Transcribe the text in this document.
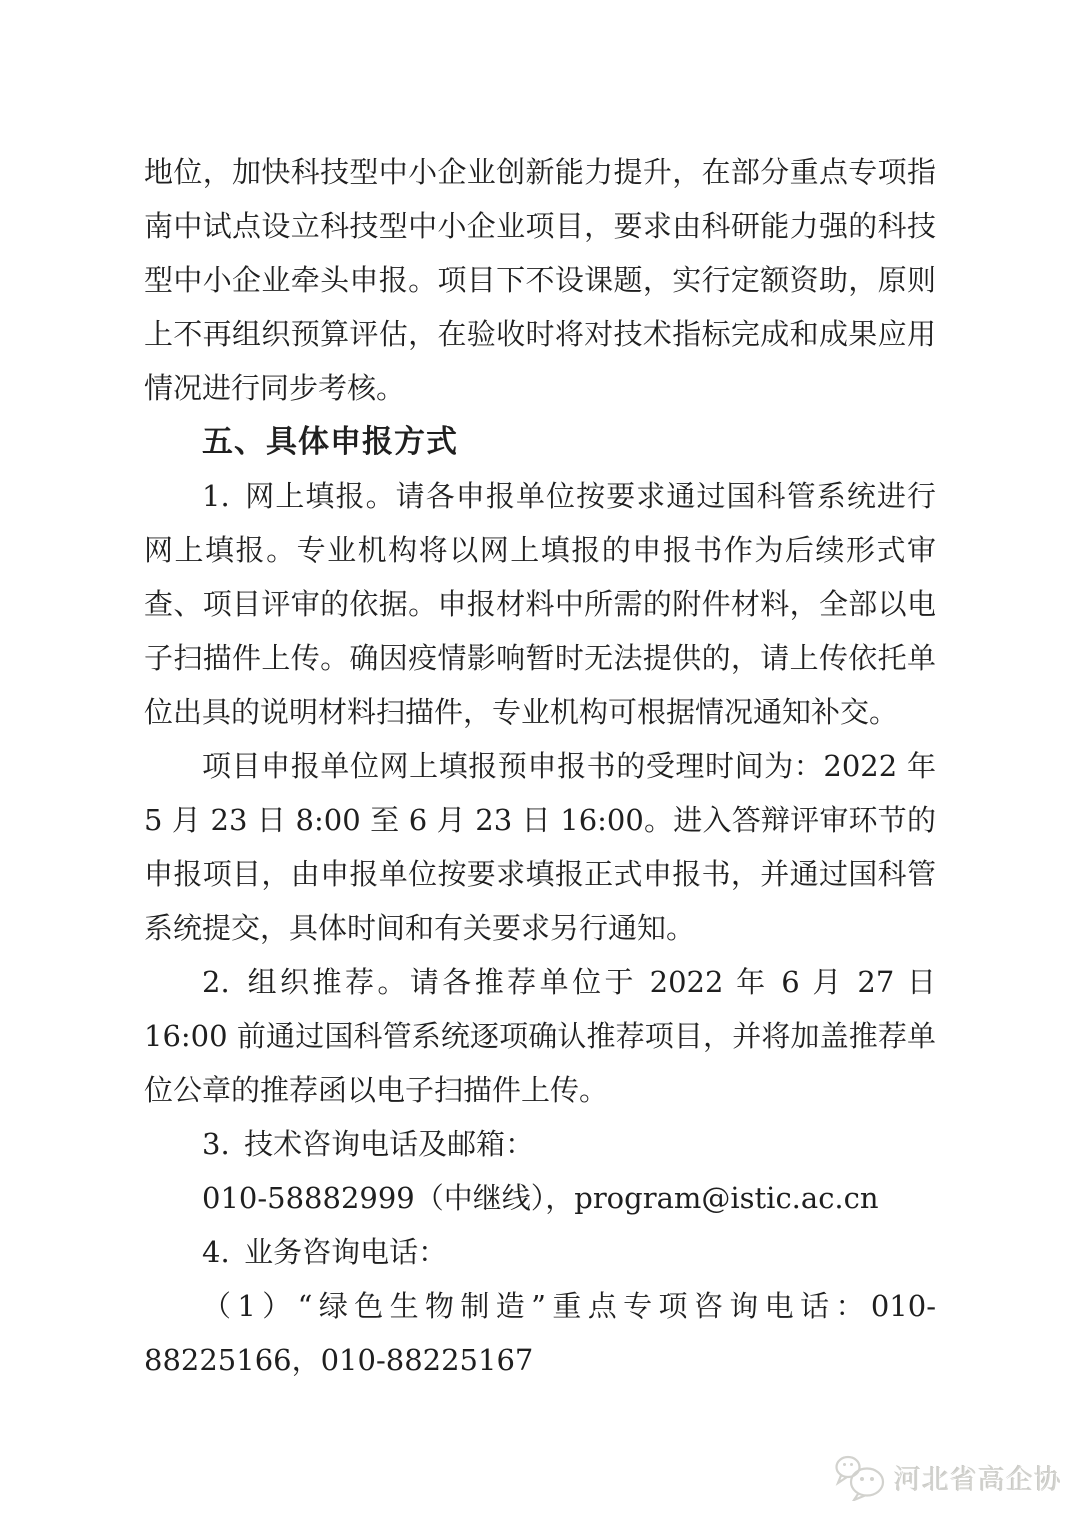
地位，加快科技型中小企业创新能力提升，在部分重点专项指南中试点设立科技型中小企业项目，要求由科研能力强的科技型中小企业牵头申报。项目下不设课题，实行定额资助，原则上不再组织预算评估，在验收时将对技术指标完成和成果应用情况进行同步考核。

五、具体申报方式

1. 网上填报。请各申报单位按要求通过国科管系统进行网上填报。专业机构将以网上填报的申报书作为后续形式审查、项目评审的依据。申报材料中所需的附件材料，全部以电子扫描件上传。确因疫情影响暂时无法提供的，请上传依托单位出具的说明材料扫描件，专业机构可根据情况通知补交。

项目申报单位网上填报预申报书的受理时间为：2022 年 5 月 23 日 8:00 至 6 月 23 日 16:00。进入答辩评审环节的申报项目，由申报单位按要求填报正式申报书，并通过国科管系统提交，具体时间和有关要求另行通知。

2. 组织推荐。请各推荐单位于 2022 年 6 月 27 日 16:00 前通过国科管系统逐项确认推荐项目，并将加盖推荐单位公章的推荐函以电子扫描件上传。

3. 技术咨询电话及邮箱：

010-58882999（中继线），program@istic.ac.cn

4. 业务咨询电话：

（1）“绿色生物制造”重点专项咨询电话：010-88225166，010-88225167

河北省高企协
